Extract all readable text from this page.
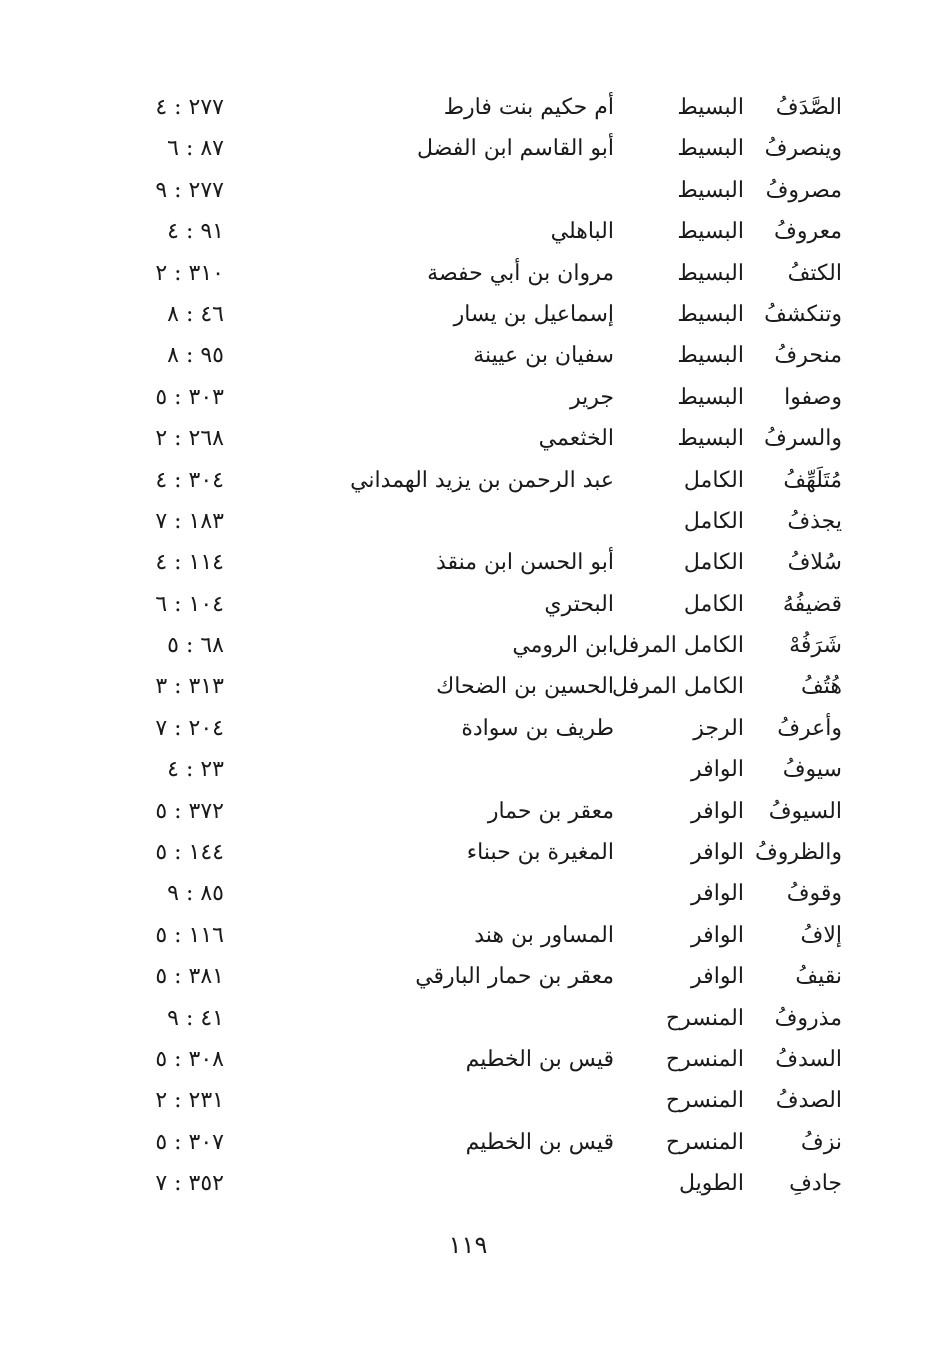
الصَّدَفُ
البسيط
أم حكيم بنت فارط
٢٧٧ : ٤
وينصرفُ
البسيط
أبو القاسم ابن الفضل
٨٧ : ٦
مصروفُ
البسيط
٢٧٧ : ٩
معروفُ
البسيط
الباهلي
٩١ : ٤
الكتفُ
البسيط
مروان بن أبي حفصة
٣١٠ : ٢
وتنكشفُ
البسيط
إسماعيل بن يسار
٤٦ : ٨
منحرفُ
البسيط
سفيان بن عيينة
٩٥ : ٨
وصفوا
البسيط
جرير
٣٠٣ : ٥
والسرفُ
البسيط
الخثعمي
٢٦٨ : ٢
مُتَلَهِّفُ
الكامل
عبد الرحمن بن يزيد الهمداني
٣٠٤ : ٤
يجذفُ
الكامل
١٨٣ : ٧
سُلافُ
الكامل
أبو الحسن ابن منقذ
١١٤ : ٤
قضيفُهُ
الكامل
البحتري
١٠٤ : ٦
شَرَفُهْ
الكامل المرفل
ابن الرومي
٦٨ : ٥
هُتُفُ
الكامل المرفل
الحسين بن الضحاك
٣١٣ : ٣
وأعرفُ
الرجز
طريف بن سوادة
٢٠٤ : ٧
سيوفُ
الوافر
٢٣ : ٤
السيوفُ
الوافر
معقر بن حمار
٣٧٢ : ٥
والظروفُ
الوافر
المغيرة بن حبناء
١٤٤ : ٥
وقوفُ
الوافر
٨٥ : ٩
إلافُ
الوافر
المساور بن هند
١١٦ : ٥
نقيفُ
الوافر
معقر بن حمار البارقي
٣٨١ : ٥
مذروفُ
المنسرح
٤١ : ٩
السدفُ
المنسرح
قيس بن الخطيم
٣٠٨ : ٥
الصدفُ
المنسرح
٢٣١ : ٢
نزفُ
المنسرح
قيس بن الخطيم
٣٠٧ : ٥
جادفِ
الطويل
٣٥٢ : ٧
١١٩
